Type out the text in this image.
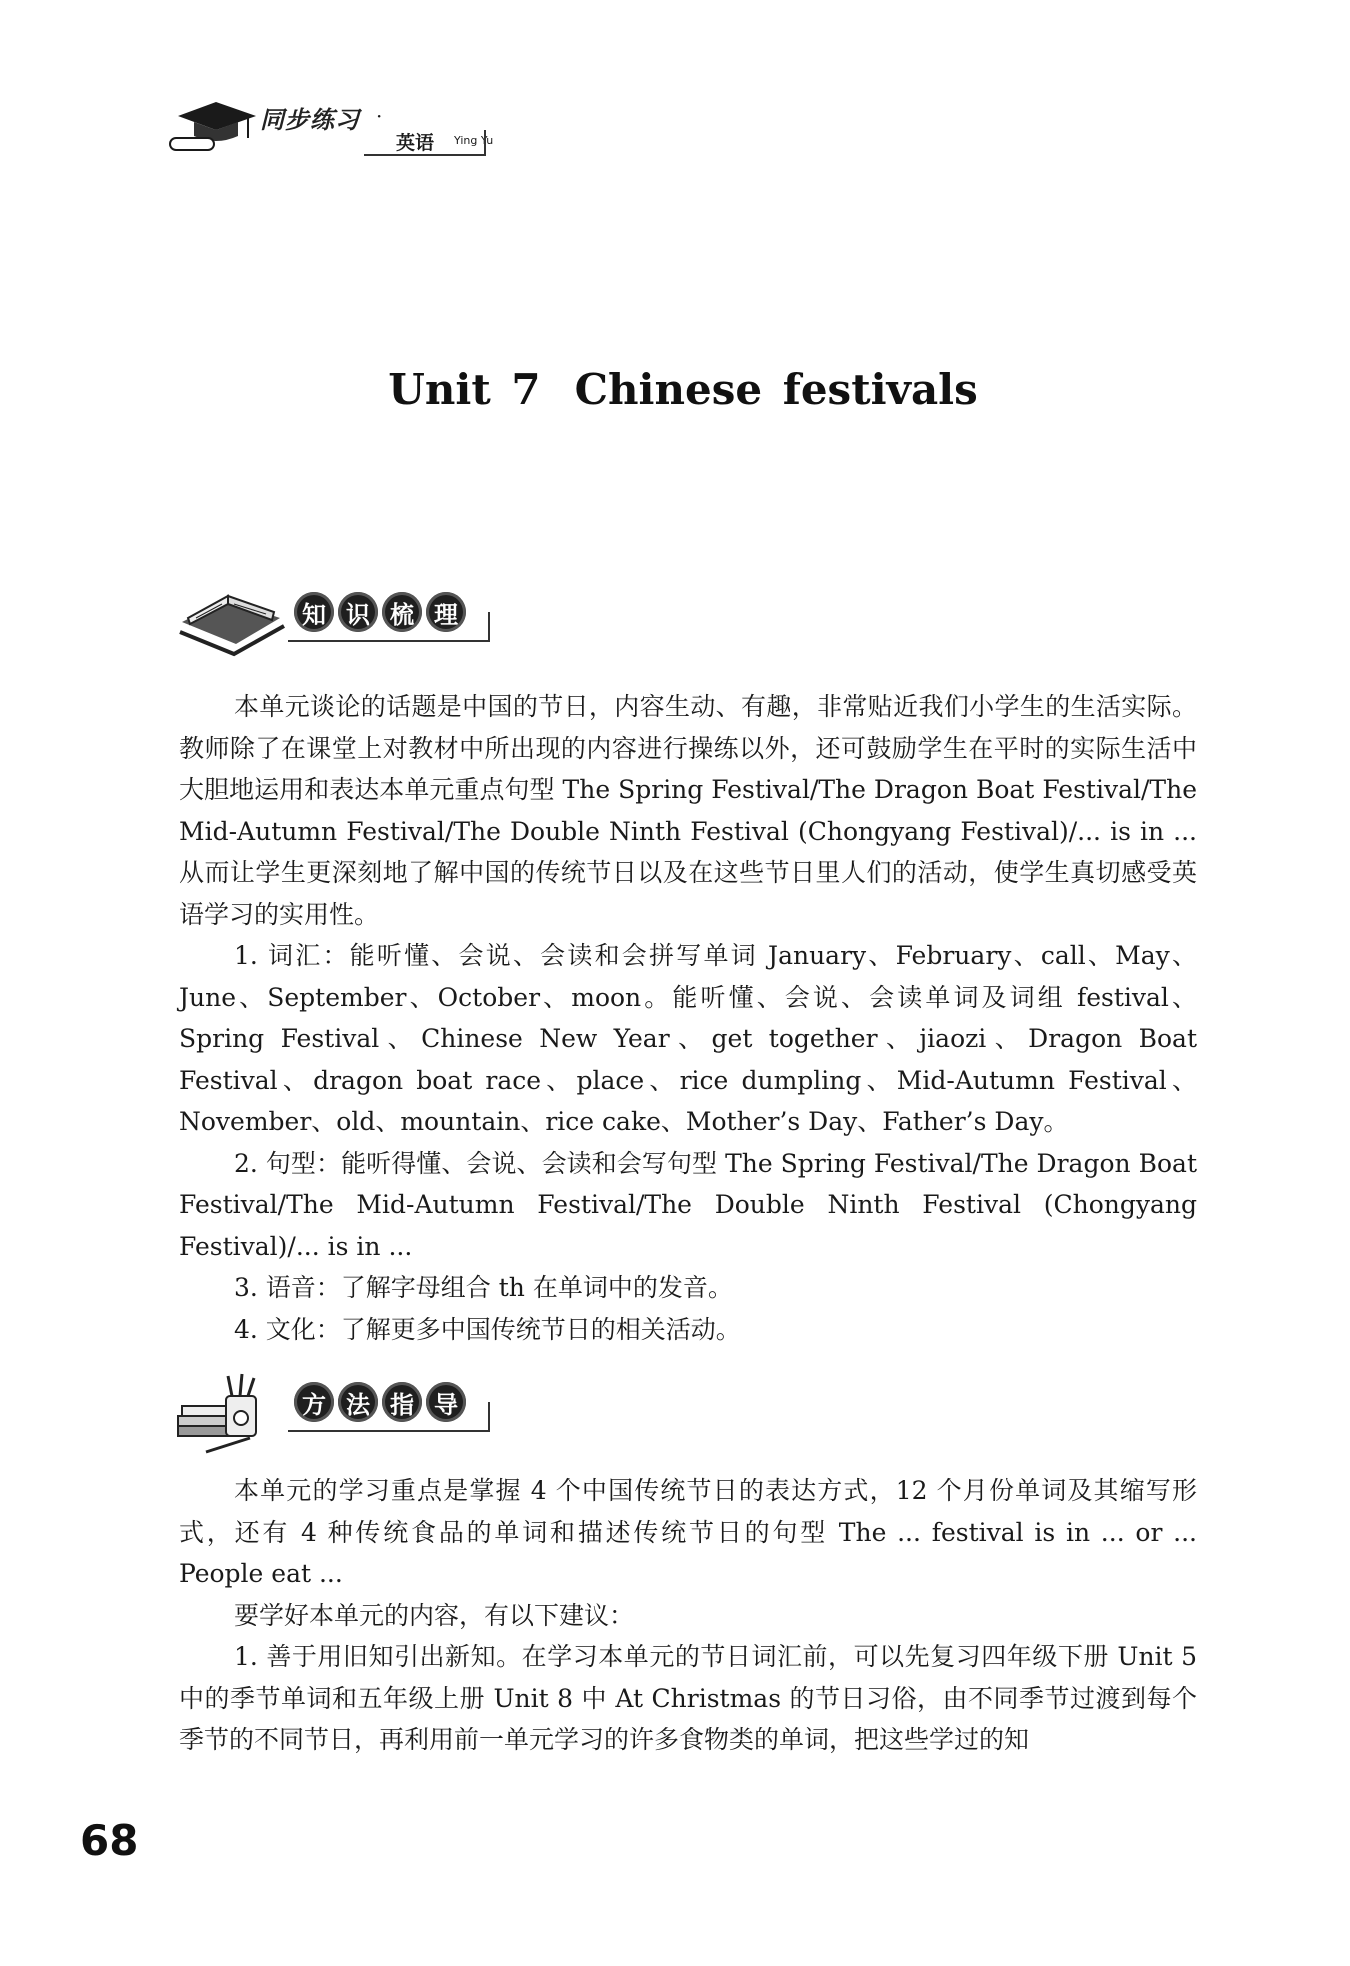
同步练习 ·
英语 Ying Yu
Unit 7 Chinese festivals
知 识 梳 理

本单元谈论的话题是中国的节日，内容生动、有趣，非常贴近我们小学生的生活实际。教师除了在课堂上对教材中所出现的内容进行操练以外，还可鼓励学生在平时的实际生活中大胆地运用和表达本单元重点句型 The Spring Festival/The Dragon Boat Festival/The Mid-Autumn Festival/The Double Ninth Festival (Chongyang Festival)/... is in ... 从而让学生更深刻地了解中国的传统节日以及在这些节日里人们的活动，使学生真切感受英语学习的实用性。

1. 词汇：能听懂、会说、会读和会拼写单词 January、February、call、May、June、September、October、moon。能听懂、会说、会读单词及词组 festival、Spring Festival、Chinese New Year、get together、jiaozi、Dragon Boat Festival、dragon boat race、place、rice dumpling、Mid-Autumn Festival、November、old、mountain、rice cake、Mother’s Day、Father’s Day。

2. 句型：能听得懂、会说、会读和会写句型 The Spring Festival/The Dragon Boat Festival/The Mid-Autumn Festival/The Double Ninth Festival (Chongyang Festival)/... is in ...

3. 语音：了解字母组合 th 在单词中的发音。

4. 文化：了解更多中国传统节日的相关活动。

方 法 指 导

本单元的学习重点是掌握 4 个中国传统节日的表达方式，12 个月份单词及其缩写形式，还有 4 种传统食品的单词和描述传统节日的句型 The ... festival is in ... or ... People eat ...

要学好本单元的内容，有以下建议：

1. 善于用旧知引出新知。在学习本单元的节日词汇前，可以先复习四年级下册 Unit 5 中的季节单词和五年级上册 Unit 8 中 At Christmas 的节日习俗，由不同季节过渡到每个季节的不同节日，再利用前一单元学习的许多食物类的单词，把这些学过的知

68
